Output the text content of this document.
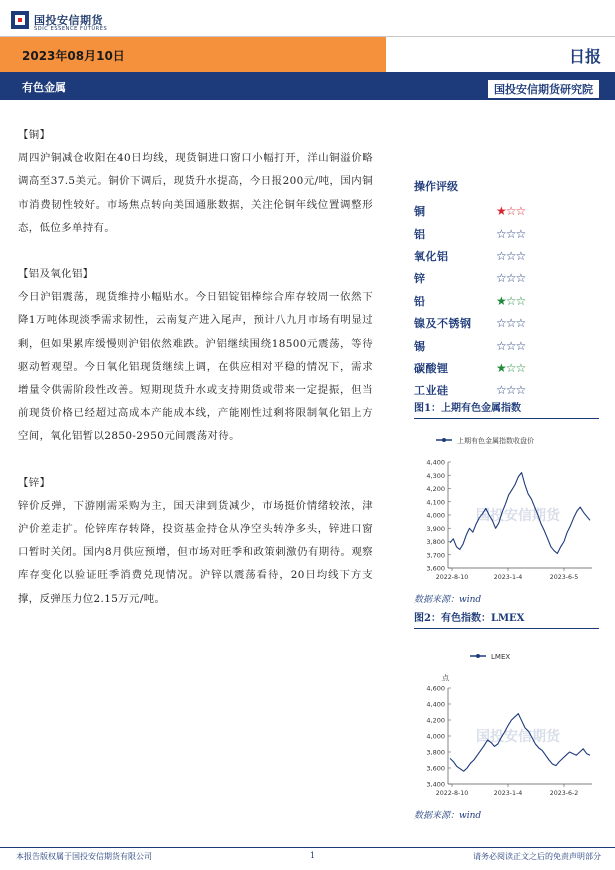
国投安信期货
SDIC ESSENCE FUTURES
2023年08月10日	日报
有色金属	国投安信期货研究院

【铜】

周四沪铜减仓收阳在40日均线，现货铜进口窗口小幅打开，洋山铜溢价略调高至37.5美元。铜价下调后，现货升水提高，今日报200元/吨，国内铜市消费韧性较好。市场焦点转向美国通胀数据，关注伦铜年线位置调整形态，低位多单持有。

【铝及氧化铝】

今日沪铝震荡，现货维持小幅贴水。今日铝锭铝棒综合库存较周一依然下降1万吨体现淡季需求韧性，云南复产进入尾声，预计八九月市场有明显过剩，但如果累库缓慢则沪铝依然难跌。沪铝继续围绕18500元震荡，等待驱动暂观望。今日氧化铝现货继续上调，在供应相对平稳的情况下，需求增量令供需阶段性改善。短期现货升水或支持期货或带来一定提振，但当前现货价格已经超过高成本产能成本线，产能刚性过剩将限制氧化铝上方空间，氧化铝暂以2850-2950元间震荡对待。

【锌】

锌价反弹，下游刚需采购为主，国天津到货减少，市场挺价情绪较浓，津沪价差走扩。伦锌库存转降，投资基金持仓从净空头转净多头，锌进口窗口暂时关闭。国内8月供应预增，但市场对旺季和政策刺激仍有期待。观察库存变化以验证旺季消费兑现情况。沪锌以震荡看待，20日均线下方支撑，反弹压力位2.15万元/吨。

操作评级
铜	★☆☆
铝	☆☆☆
氧化铝	☆☆☆
锌	☆☆☆
铅	★☆☆
镍及不锈钢	☆☆☆
锡	☆☆☆
碳酸锂	★☆☆
工业硅	☆☆☆
图1：上期有色金属指数
上期有色金属指数收盘价
国投安信期货
3,600
3,700
3,800
3,900
4,000
4,100
4,200
4,300
4,400
2022-8-10	2023-1-4	2023-6-5
数据来源：wind
图2：有色指数：LMEX
LMEX
点
国投安信期货
3,400
3,600
3,800
4,000
4,200
4,400
4,600
2022-8-10	2023-1-4	2023-6-2
数据来源：wind
本报告版权属于国投安信期货有限公司	1	请务必阅读正文之后的免责声明部分
